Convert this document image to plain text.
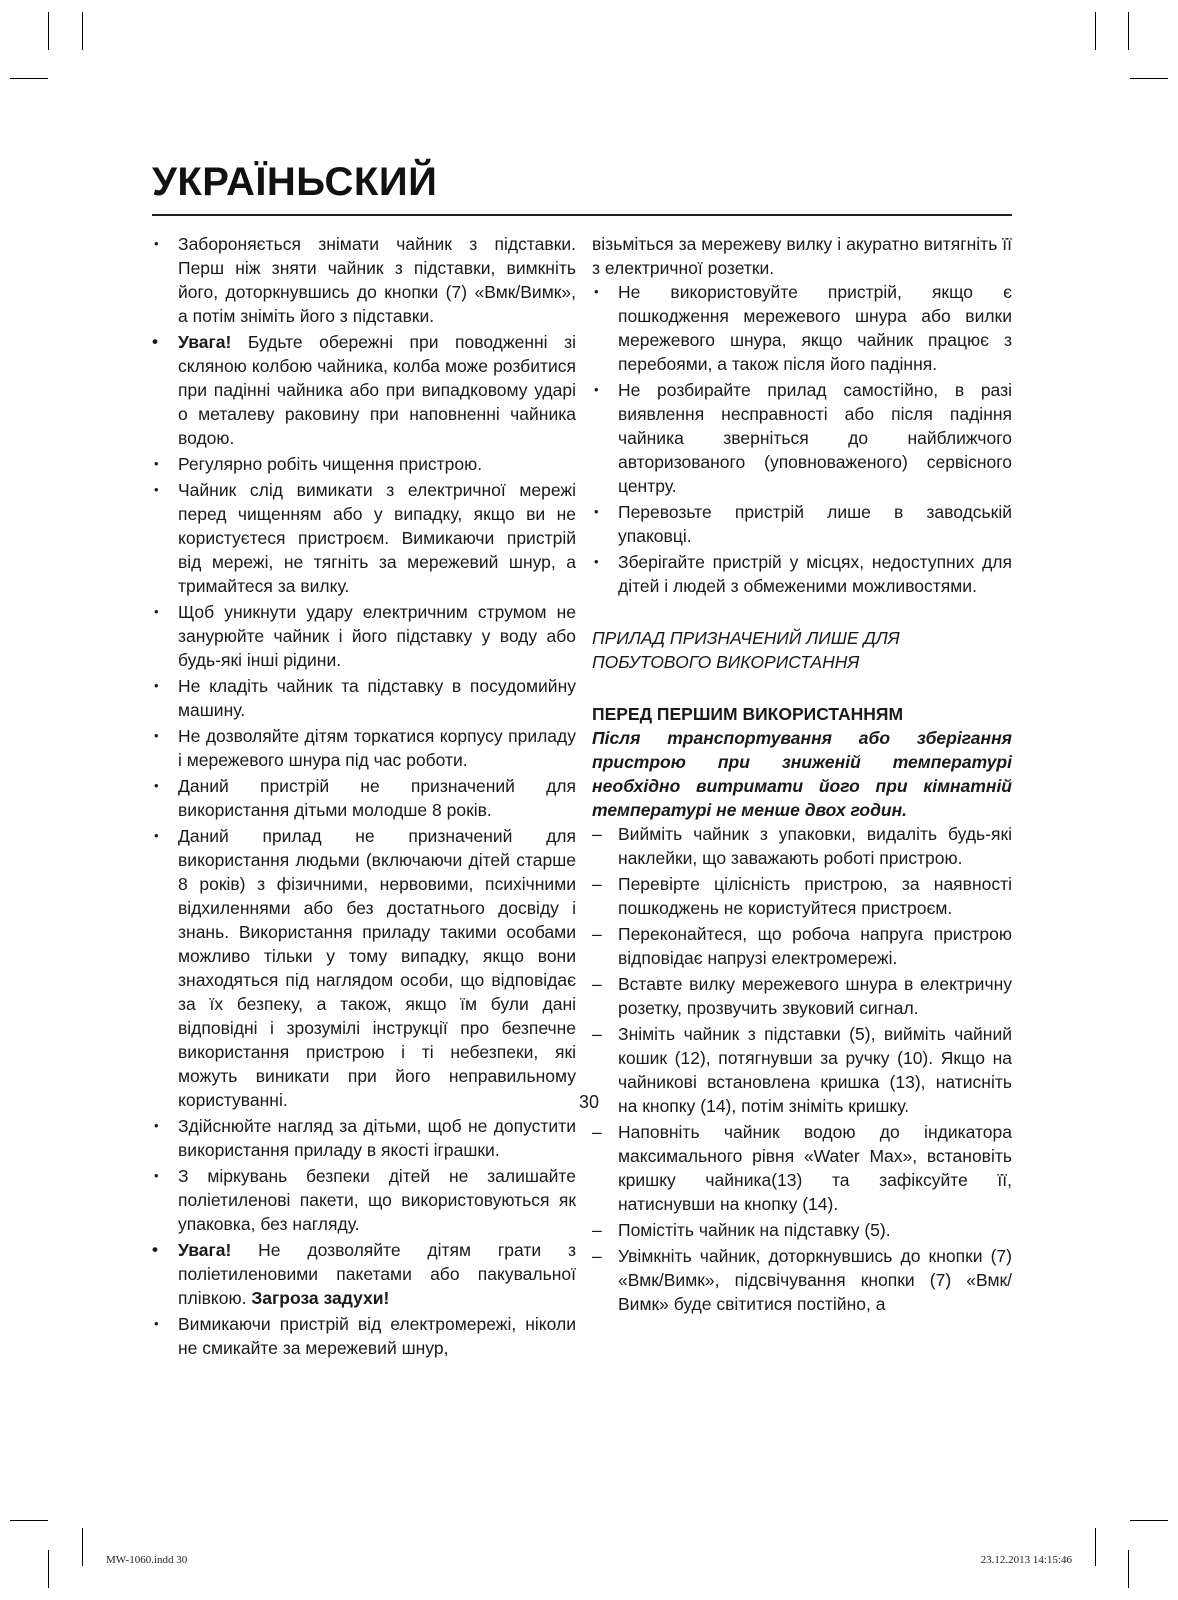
УКРАЇНЬСКИЙ
• Забороняється знімати чайник з підставки. Перш ніж зняти чайник з підставки, вимкніть його, доторкнувшись до кнопки (7) «Вмк/Вимк», а потім зніміть його з підставки.
• Увага! Будьте обережні при поводженні зі скляною колбою чайника, колба може розбитися при падінні чайника або при випадковому ударі о металеву раковину при наповненні чайника водою.
• Регулярно робіть чищення пристрою.
• Чайник слід вимикати з електричної мережі перед чищенням або у випадку, якщо ви не користуєтеся пристроєм. Вимикаючи пристрій від мережі, не тягніть за мережевий шнур, а тримайтеся за вилку.
• Щоб уникнути удару електричним струмом не занурюйте чайник і його підставку у воду або будь-які інші рідини.
• Не кладіть чайник та підставку в посудомийну машину.
• Не дозволяйте дітям торкатися корпусу приладу і мережевого шнура під час роботи.
• Даний пристрій не призначений для використання дітьми молодше 8 років.
• Даний прилад не призначений для використання людьми (включаючи дітей старше 8 років) з фізичними, нервовими, психічними відхиленнями або без достатнього досвіду і знань. Використання приладу такими особами можливо тільки у тому випадку, якщо вони знаходяться під наглядом особи, що відповідає за їх безпеку, а також, якщо їм були дані відповідні і зрозумілі інструкції про безпечне використання пристрою і ті небезпеки, які можуть виникати при його неправильному користуванні.
• Здійснюйте нагляд за дітьми, щоб не допустити використання приладу в якості іграшки.
• З міркувань безпеки дітей не залишайте поліетиленові пакети, що використовуються як упаковка, без нагляду.
• Увага! Не дозволяйте дітям грати з поліетиленовими пакетами або пакувальної плівкою. Загроза задухи!
• Вимикаючи пристрій від електромережі, ніколи не смикайте за мережевий шнур,

візьміться за мережеву вилку і акуратно витягніть її з електричної розетки.

• Не використовуйте пристрій, якщо є пошкодження мережевого шнура або вилки мережевого шнура, якщо чайник працює з перебоями, а також після його падіння.
• Не розбирайте прилад самостійно, в разі виявлення несправності або після падіння чайника зверніться до найближчого авторизованого (уповноваженого) сервісного центру.
• Перевозьте пристрій лише в заводській упаковці.
• Зберігайте пристрій у місцях, недоступних для дітей і людей з обмеженими можливостями.

ПРИЛАД ПРИЗНАЧЕНИЙ ЛИШЕ ДЛЯ
ПОБУТОВОГО ВИКОРИСТАННЯ

ПЕРЕД ПЕРШИМ ВИКОРИСТАННЯМ

Після транспортування або зберігання пристрою при зниженій температурі необхідно витримати його при кімнатній температурі не менше двох годин.

– Вийміть чайник з упаковки, видаліть будь-які наклейки, що заважають роботі пристрою.
– Перевірте цілісність пристрою, за наявності пошкоджень не користуйтеся пристроєм.
– Переконайтеся, що робоча напруга пристрою відповідає напрузі електромережі.
– Вставте вилку мережевого шнура в електричну розетку, прозвучить звуковий сигнал.
– Зніміть чайник з підставки (5), вийміть чайний кошик (12), потягнувши за ручку (10). Якщо на чайникові встановлена кришка (13), натисніть на кнопку (14), потім зніміть кришку.
– Наповніть чайник водою до індикатора максимального рівня «Water Max», встановіть кришку чайника(13) та зафіксуйте її, натиснувши на кнопку (14).
– Помістіть чайник на підставку (5).
– Увімкніть чайник, доторкнувшись до кнопки (7) «Вмк/Вимк», підсвічування кнопки (7) «Вмк/Вимк» буде світитися постійно, а
30
MW-1060.indd 30	23.12.2013 14:15:46
